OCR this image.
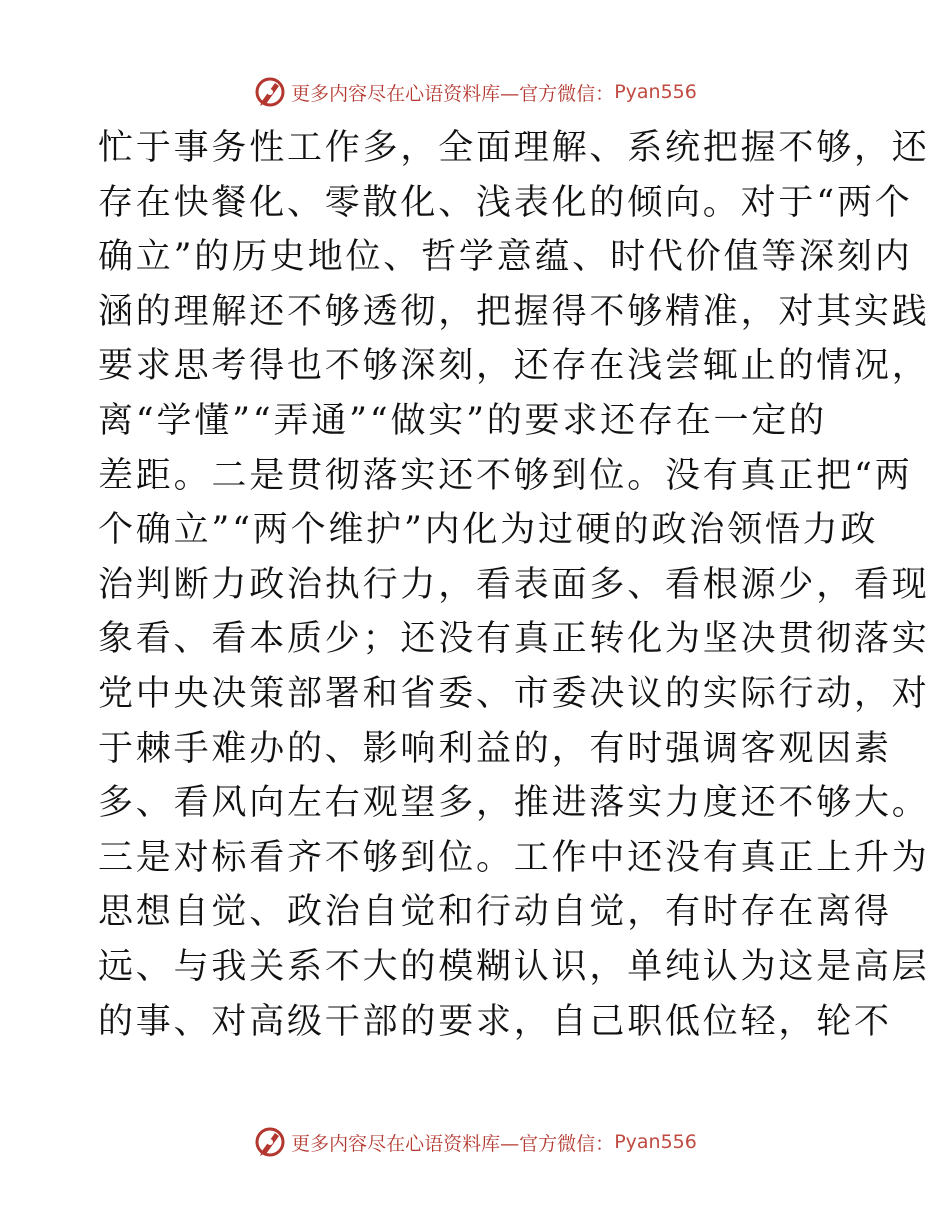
更多内容尽在心语资料库 —官方微信： Pyan556
忙于事务性工作多，全面理解、系统把握不够，还
存在快餐化、零散化、浅表化的倾向。对于“两个
确立”的历史地位、哲学意蕴、时代价值等深刻内
涵的理解还不够透彻，把握得不够精准，对其实践
要求思考得也不够深刻，还存在浅尝辄止的情况，
离“学懂”“弄通”“做实”的要求还存在一定的
差距。二是贯彻落实还不够到位。没有真正把“两
个确立”“两个维护”内化为过硬的政治领悟力政
治判断力政治执行力，看表面多、看根源少，看现
象看、看本质少；还没有真正转化为坚决贯彻落实
党中央决策部署和省委、市委决议的实际行动，对
于棘手难办的、影响利益的，有时强调客观因素
多、看风向左右观望多，推进落实力度还不够大。
三是对标看齐不够到位。工作中还没有真正上升为
思想自觉、政治自觉和行动自觉，有时存在离得
远、与我关系不大的模糊认识，单纯认为这是高层
的事、对高级干部的要求，自己职低位轻，轮不
更多内容尽在心语资料库 —官方微信： Pyan556
